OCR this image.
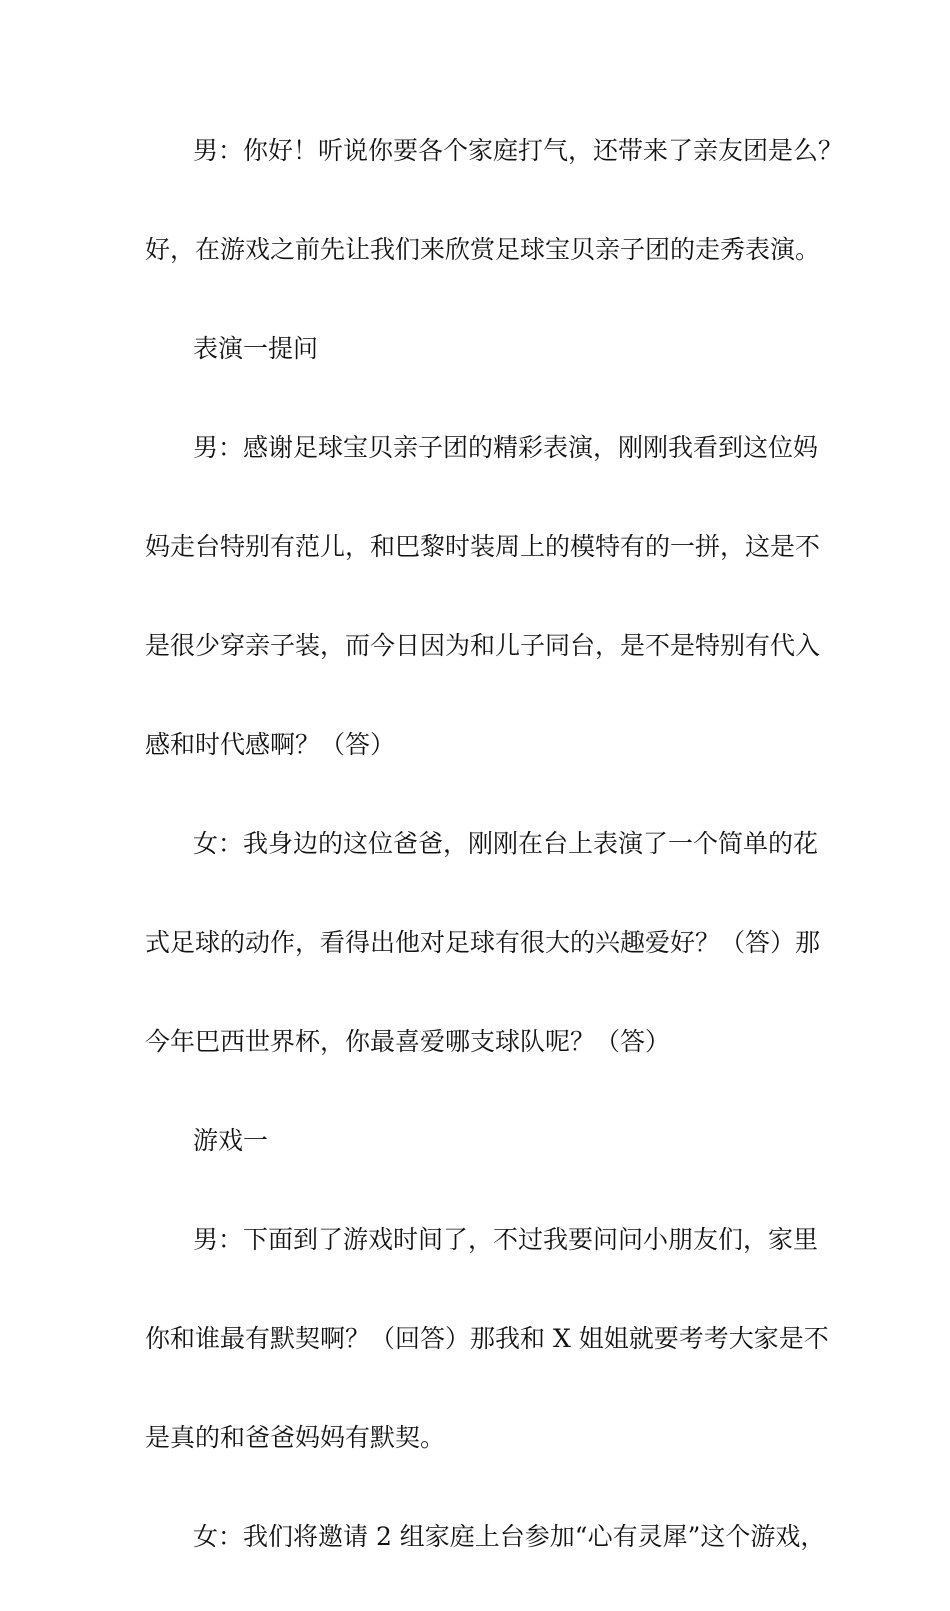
男：你好！听说你要各个家庭打气，还带来了亲友团是么？
好，在游戏之前先让我们来欣赏足球宝贝亲子团的走秀表演。
表演一提问
男：感谢足球宝贝亲子团的精彩表演，刚刚我看到这位妈
妈走台特别有范儿，和巴黎时装周上的模特有的一拼，这是不
是很少穿亲子装，而今日因为和儿子同台，是不是特别有代入
感和时代感啊？（答）
女：我身边的这位爸爸，刚刚在台上表演了一个简单的花
式足球的动作，看得出他对足球有很大的兴趣爱好？（答）那
今年巴西世界杯，你最喜爱哪支球队呢？（答）
游戏一
男：下面到了游戏时间了，不过我要问问小朋友们，家里
你和谁最有默契啊？（回答）那我和 X 姐姐就要考考大家是不
是真的和爸爸妈妈有默契。
女：我们将邀请 2 组家庭上台参加“心有灵犀”这个游戏，
